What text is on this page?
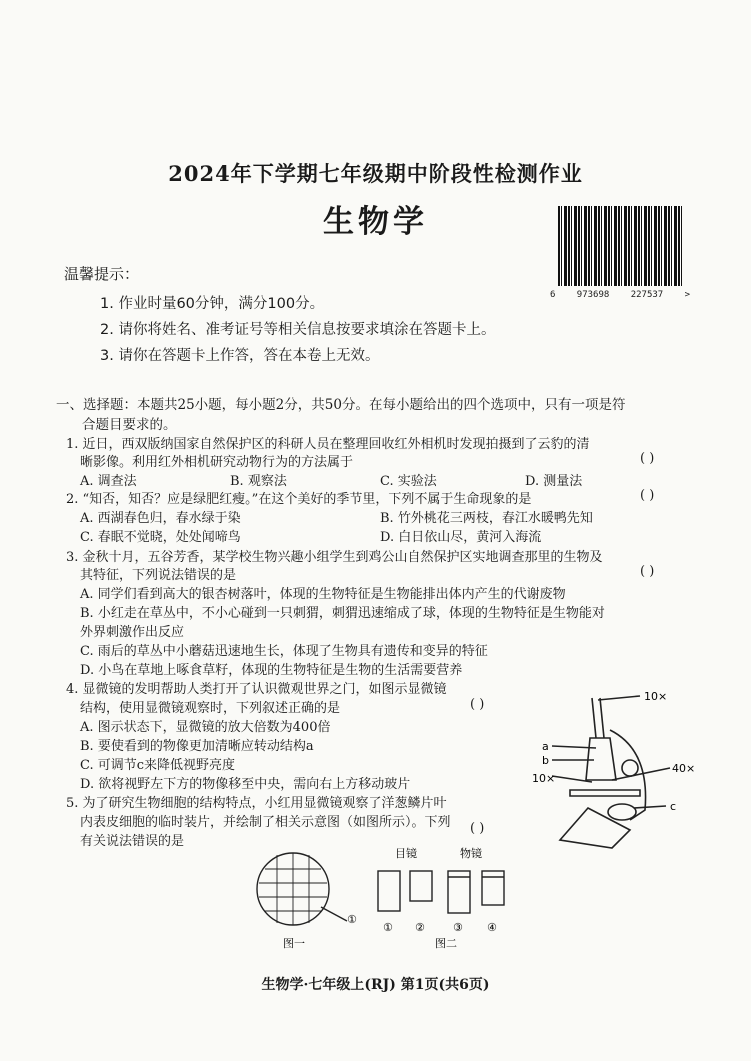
2024年下学期七年级期中阶段性检测作业
生物学
6 973698 227537 >
温馨提示：
1. 作业时量60分钟，满分100分。
2. 请你将姓名、准考证号等相关信息按要求填涂在答题卡上。
3. 请你在答题卡上作答，答在本卷上无效。
一、选择题：本题共25小题，每小题2分，共50分。在每小题给出的四个选项中，只有一项是符
合题目要求的。
1. 近日，西双版纳国家自然保护区的科研人员在整理回收红外相机时发现拍摄到了云豹的清
晰影像。利用红外相机研究动物行为的方法属于
A. 调查法	B. 观察法	C. 实验法	D. 测量法
( )
2. “知否，知否？应是绿肥红瘦。”在这个美好的季节里，下列不属于生命现象的是	( )
A. 西湖春色归，春水绿于染	B. 竹外桃花三两枝，春江水暖鸭先知
C. 春眠不觉晓，处处闻啼鸟	D. 白日依山尽，黄河入海流
3. 金秋十月，五谷芳香，某学校生物兴趣小组学生到鸡公山自然保护区实地调查那里的生物及
其特征，下列说法错误的是	( )
A. 同学们看到高大的银杏树落叶，体现的生物特征是生物能排出体内产生的代谢废物
B. 小红走在草丛中，不小心碰到一只刺猬，刺猬迅速缩成了球，体现的生物特征是生物能对
外界刺激作出反应
C. 雨后的草丛中小蘑菇迅速地生长，体现了生物具有遗传和变异的特征
D. 小鸟在草地上啄食草籽，体现的生物特征是生物的生活需要营养
4. 显微镜的发明帮助人类打开了认识微观世界之门，如图示显微镜
结构，使用显微镜观察时，下列叙述正确的是	( )
A. 图示状态下，显微镜的放大倍数为400倍
B. 要使看到的物像更加清晰应转动结构a
C. 可调节c来降低视野亮度
D. 欲将视野左下方的物像移至中央，需向右上方移动玻片
5. 为了研究生物细胞的结构特点，小红用显微镜观察了洋葱鳞片叶
内表皮细胞的临时装片，并绘制了相关示意图（如图所示）。下列
有关说法错误的是
( )
10×
a
b
10×
40×
c
①
目镜	物镜
① ②	③ ④
图一	图二
生物学·七年级上(RJ) 第1页(共6页)
